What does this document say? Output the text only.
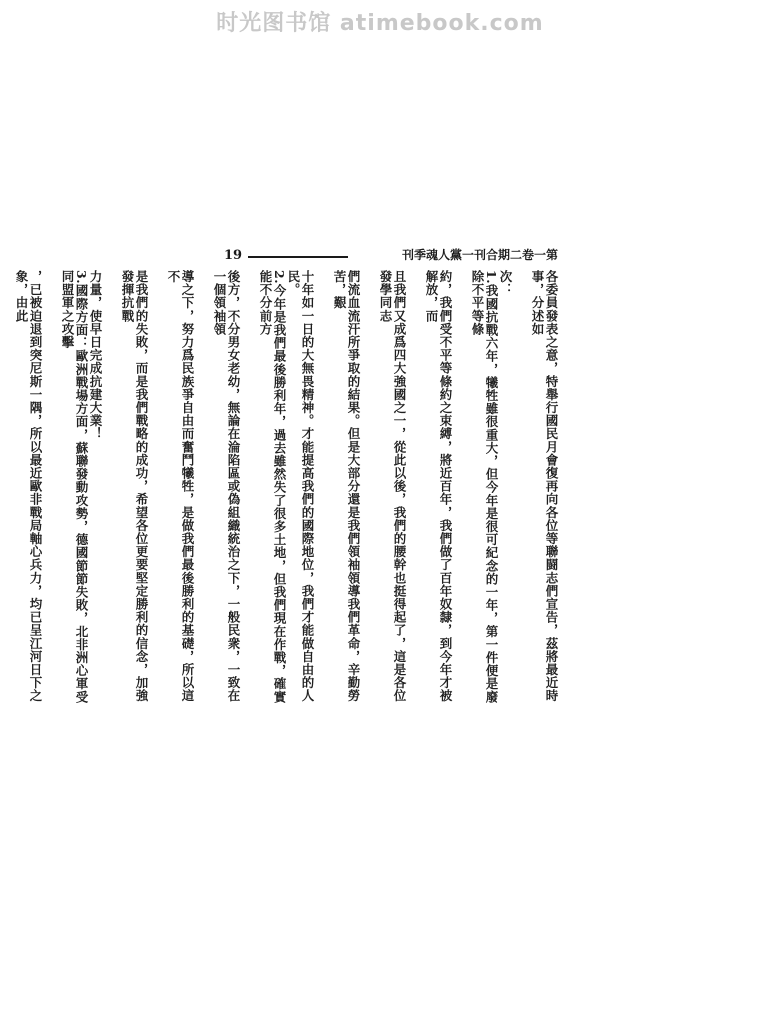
时光图书馆 atimebook.com
19	第一卷二期合刊一黨人魂季刊

各委員發表之意，特舉行國民月會復再向各位等聯闘志們宣告，茲將最近時事，分述如

次：

1.我國抗戰六年，犧牲雖很重大，但今年是很可紀念的一年，第一件便是廢除不平等條

約，我們受不平等條約之束縛，將近百年，我們做了百年奴隸，到今年才被解放，而

且我們又成爲四大強國之一，從此以後，我們的腰幹也挺得起了，這是各位發學同志

們流血流汗所爭取的結果。但是大部分還是我們領袖領導我們革命，辛勤勞苦，艱

十年如一日的大無畏精神。才能提高我們的國際地位，我們才能做自由的人民。

2.今年是我們最後勝利年，過去雖然失了很多土地，但我們現在作戰，確實能不分前方

後方，不分男女老幼，無論在淪陷區或偽組織統治之下，一般民衆，一致在一個領袖領

導之下，努力爲民族爭自由而奮鬥犧牲，是做我們最後勝利的基礎，所以這不

是我們的失敗，而是我們戰略的成功，希望各位更要堅定勝利的信念，加強發揮抗戰

力量，使早日完成抗建大業！

3.國際方面：歐洲戰場方面，蘇聯發動攻勢，德國節節失敗，北非洲心軍受同盟軍之攻擊

，已被迫退到突尼斯一隅，所以最近歐非戰局軸心兵力，均已呈江河日下之象，由此
